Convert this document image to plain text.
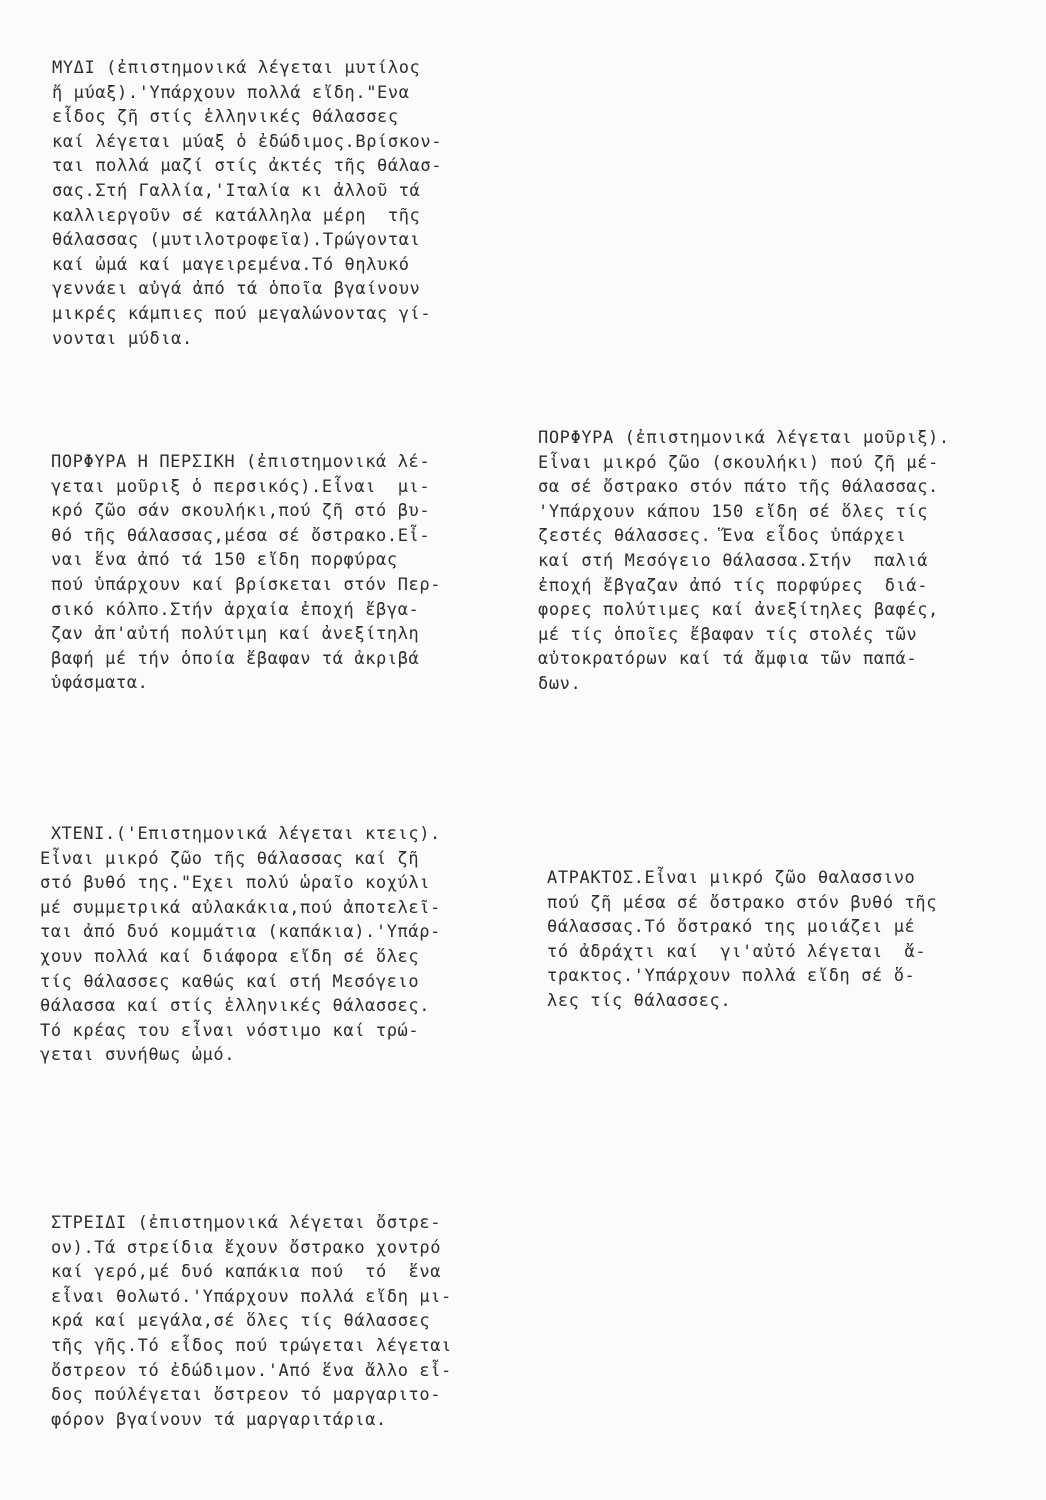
ΜΥΔΙ (ἐπιστημονικά λέγεται μυτίλος
ἤ μύαξ).'Υπάρχουν πολλά εἴδη."Ενα
εἶδος ζῆ στίς ἑλληνικές θάλασσες
καί λέγεται μύαξ ὁ ἐδώδιμος.Βρίσκον-
ται πολλά μαζί στίς ἀκτές τῆς θάλασ-
σας.Στή Γαλλία,'Ιταλία κι ἀλλοῦ τά
καλλιεργοῦν σέ κατάλληλα μέρη  τῆς
θάλασσας (μυτιλοτροφεῖα).Τρώγονται
καί ὠμά καί μαγειρεμένα.Τό θηλυκό
γεννάει αὐγά ἀπό τά ὁποῖα βγαίνουν
μικρές κάμπιες πού μεγαλώνοντας γί-
νονται μύδια.
ΠΟΡΦΥΡΑ Η ΠΕΡΣΙΚΗ (ἐπιστημονικά λέ-
γεται μοῦριξ ὁ περσικός).Εἶναι  μι-
κρό ζῶο σάν σκουλήκι,πού ζῆ στό βυ-
θό τῆς θάλασσας,μέσα σέ ὄστρακο.Εἶ-
ναι ἕνα ἀπό τά 150 εἴδη πορφύρας
πού ὑπάρχουν καί βρίσκεται στόν Περ-
σικό κόλπο.Στήν ἀρχαία ἐποχή ἔβγα-
ζαν ἀπ'αὐτή πολύτιμη καί ἀνεξίτηλη
βαφή μέ τήν ὁποία ἔβαφαν τά ἀκριβά
ὑφάσματα.
ΠΟΡΦΥΡΑ (ἐπιστημονικά λέγεται μοῦριξ).
Εἶναι μικρό ζῶο (σκουλήκι) πού ζῆ μέ-
σα σέ ὄστρακο στόν πάτο τῆς θάλασσας.
'Υπάρχουν κάπου 150 εἴδη σέ ὅλες τίς
ζεστές θάλασσες. Ἕνα εἶδος ὑπάρχει
καί στή Μεσόγειο θάλασσα.Στήν  παλιά
ἐποχή ἔβγαζαν ἀπό τίς πορφύρες  διά-
φορες πολύτιμες καί ἀνεξίτηλες βαφές,
μέ τίς ὁποῖες ἔβαφαν τίς στολές τῶν
αὐτοκρατόρων καί τά ἄμφια τῶν παπά-
δων.
ΧΤΕΝΙ.('Επιστημονικά λέγεται κτεις).
Εἶναι μικρό ζῶο τῆς θάλασσας καί ζῆ
στό βυθό της."Εχει πολύ ὡραῖο κοχύλι
μέ συμμετρικά αὐλακάκια,πού ἀποτελεῖ-
ται ἀπό δυό κομμάτια (καπάκια).'Υπάρ-
χουν πολλά καί διάφορα εἴδη σέ ὅλες
τίς θάλασσες καθώς καί στή Μεσόγειο
θάλασσα καί στίς ἑλληνικές θάλασσες.
Τό κρέας του εἶναι νόστιμο καί τρώ-
γεται συνήθως ὠμό.
ΑΤΡΑΚΤΟΣ.Εἶναι μικρό ζῶο θαλασσινο
πού ζῆ μέσα σέ ὄστρακο στόν βυθό τῆς
θάλασσας.Τό ὄστρακό της μοιάζει μέ
τό ἀδράχτι καί  γι'αὐτό λέγεται  ἄ-
τρακτος.'Υπάρχουν πολλά εἴδη σέ ὅ-
λες τίς θάλασσες.
ΣΤΡΕΙΔΙ (ἐπιστημονικά λέγεται ὄστρε-
ον).Τά στρείδια ἔχουν ὄστρακο χοντρό
καί γερό,μέ δυό καπάκια πού  τό  ἕνα
εἶναι θολωτό.'Υπάρχουν πολλά εἴδη μι-
κρά καί μεγάλα,σέ ὅλες τίς θάλασσες
τῆς γῆς.Τό εἶδος πού τρώγεται λέγεται
ὄστρεον τό ἐδώδιμον.'Από ἕνα ἄλλο εἶ-
δος πούλέγεται ὄστρεον τό μαργαριτο-
φόρον βγαίνουν τά μαργαριτάρια.
